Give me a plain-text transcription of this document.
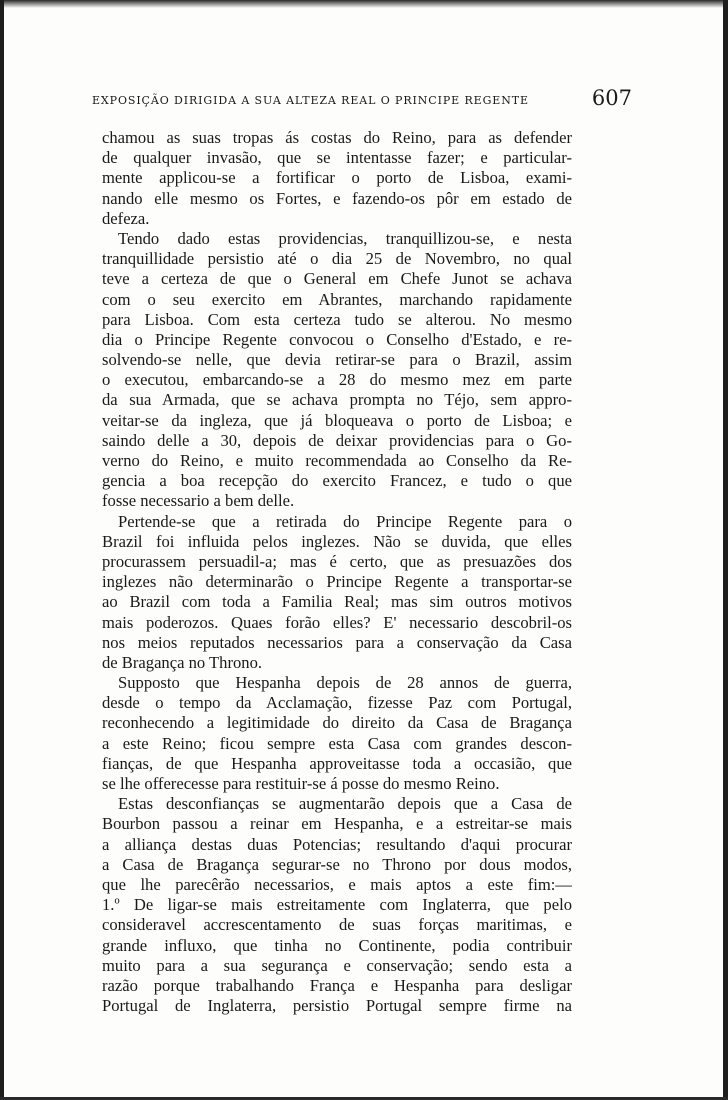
EXPOSIÇÃO DIRIGIDA A SUA ALTEZA REAL O PRINCIPE REGENTE	607
chamou as suas tropas ás costas do Reino, para as defender
de qualquer invasão, que se intentasse fazer; e particular-
mente applicou-se a fortificar o porto de Lisboa, exami-
nando elle mesmo os Fortes, e fazendo-os pôr em estado de
defeza.
Tendo dado estas providencias, tranquillizou-se, e nesta
tranquillidade persistio até o dia 25 de Novembro, no qual
teve a certeza de que o General em Chefe Junot se achava
com o seu exercito em Abrantes, marchando rapidamente
para Lisboa. Com esta certeza tudo se alterou. No mesmo
dia o Principe Regente convocou o Conselho d'Estado, e re-
solvendo-se nelle, que devia retirar-se para o Brazil, assim
o executou, embarcando-se a 28 do mesmo mez em parte
da sua Armada, que se achava prompta no Téjo, sem appro-
veitar-se da ingleza, que já bloqueava o porto de Lisboa; e
saindo delle a 30, depois de deixar providencias para o Go-
verno do Reino, e muito recommendada ao Conselho da Re-
gencia a boa recepção do exercito Francez, e tudo o que
fosse necessario a bem delle.
Pertende-se que a retirada do Principe Regente para o
Brazil foi influida pelos inglezes. Não se duvida, que elles
procurassem persuadil-a; mas é certo, que as presuazões dos
inglezes não determinarão o Principe Regente a transportar-se
ao Brazil com toda a Familia Real; mas sim outros motivos
mais poderozos. Quaes forão elles? E' necessario descobril-os
nos meios reputados necessarios para a conservação da Casa
de Bragança no Throno.
Supposto que Hespanha depois de 28 annos de guerra,
desde o tempo da Acclamação, fizesse Paz com Portugal,
reconhecendo a legitimidade do direito da Casa de Bragança
a este Reino; ficou sempre esta Casa com grandes descon-
fianças, de que Hespanha approveitasse toda a occasião, que
se lhe offerecesse para restituir-se á posse do mesmo Reino.
Estas desconfianças se augmentarão depois que a Casa de
Bourbon passou a reinar em Hespanha, e a estreitar-se mais
a alliança destas duas Potencias; resultando d'aqui procurar
a Casa de Bragança segurar-se no Throno por dous modos,
que lhe parecêrão necessarios, e mais aptos a este fim:—
1.º De ligar-se mais estreitamente com Inglaterra, que pelo
consideravel accrescentamento de suas forças maritimas, e
grande influxo, que tinha no Continente, podia contribuir
muito para a sua segurança e conservação; sendo esta a
razão porque trabalhando França e Hespanha para desligar
Portugal de Inglaterra, persistio Portugal sempre firme na
